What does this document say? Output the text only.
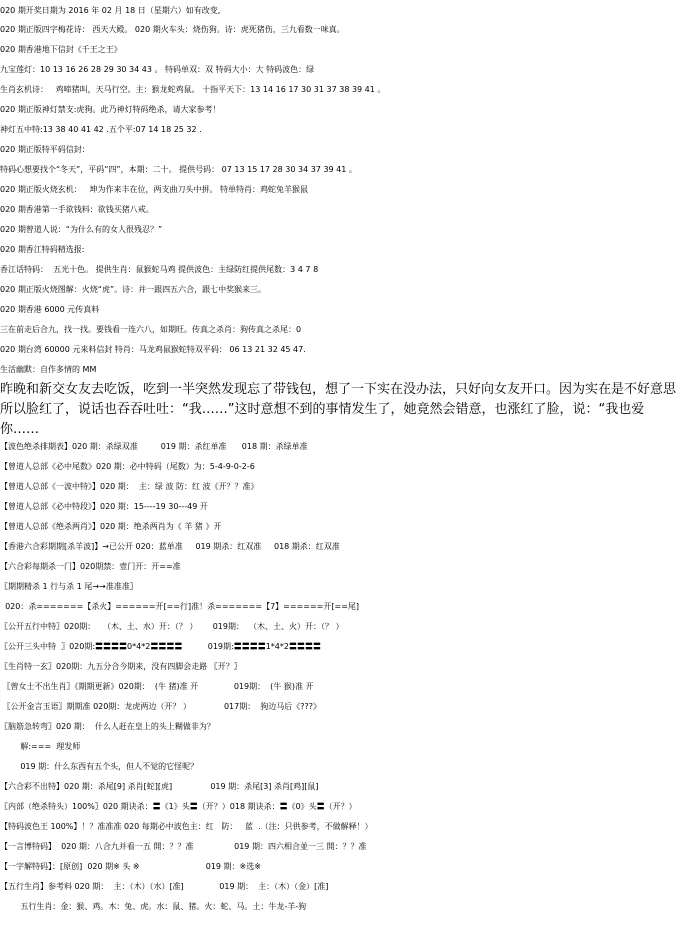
020 期开奖日期为 2016 年 02 月 18 日（星期六）如有改变,
020 期正版四字梅花诗： 西天大殿。 020 期火车头：烧伤狗。诗：虎死猪伤，三九看数一味真。
020 期香港地下信封《千王之王》
九宝莲灯：10 13 16 26 28 29 30 34 43 。 特码单双：双 特码大小：大 特码波色：绿
生肖玄机诗：   鸡啼猪叫，天马行空。主：猴龙蛇鸡鼠。 十指平天下：13 14 16 17 30 31 37 38 39 41 。
020 期正版神灯禁支:虎狗。此乃神灯特码绝杀，请大家参考！
神灯五中特:13 38 40 41 42 .五个平:07 14 18 25 32 .
020 期正版特平码信封：
特码心想要找个“冬天”，平码“四”，本期：二十。 提供号码： 07 13 15 17 28 30 34 37 39 41 。
020 期正版火烧玄机：   坤为作来丰在位，两支曲刀头中拼。 特单特肖：鸡蛇兔羊猴鼠
020 期香港第一手欲钱料：欲钱买猪八戒。
020 期曾道人说：“为什么有的女人很残忍？”
020 期香江特码精选报:
香江话特码：  五光十色。 提供生肖：鼠猴蛇马鸡 提供波色：主绿防红提供尾数：3 4 7 8
020 期正版火烧图解：火烧“虎”。诗：并一跟四五六合，跟七中奖猴来三。
020 期香港 6000 元传真料
三在前走后合九，找一找。要钱看一连六八，如期旺。传真之杀肖：狗传真之杀尾：0
020 期台湾 60000 元来料信封 特肖：马龙鸡鼠猴蛇特双平码： 06 13 21 32 45 47.
生活幽默：自作多情的 MM
昨晚和新交女友去吃饭，吃到一半突然发现忘了带钱包，想了一下实在没办法，只好向女友开口。因为实在是不好意思所以脸红了，说话也吞吞吐吐：“我……”这时意想不到的事情发生了，她竟然会错意，也涨红了脸，说：“我也爱你……
【波色绝杀排期表】020 期：杀绿双准         019 期：杀红单准      018 期：杀绿单准
【曾道人总部《必中尾数》020 期：必中特码（尾数）为：5-4-9-0-2-6
【曾道人总部《一波中特》】020 期：  主：绿 波 防：红 波《开？？准》
【曾道人总部《必中特段》】020 期：15----19 30---49 开
【曾道人总部《绝杀两肖》】020 期：绝杀两肖为《 羊 猪 》开
【香港六合彩期期[杀羊波]】→已公开 020：蓝单准     019 期杀：红双准     018 期杀：红双准
【六合彩每期杀一门】020期禁：壹门开：开==准
〖期期精杀 1 行与杀 1 尾→→准准准〗
020：杀=======【杀火】======开[==行]准！杀=======【7】======开[==尾]
〖公开五行中特〗020期：   （木、土、水）开：（？ ）      019期：  （木、土、火）开：（？ ）
〖公开三头中特  〗020期:〓〓〓〓0*4*2〓〓〓〓          019期:〓〓〓〓1*4*2〓〓〓〓
〖生肖特一玄〗020期：九五分合今期来，没有四脚会走路 〖开？〗
〖曾女士不出生肖〗《期期更新》020期：  (牛 猪)准 开              019期：  (牛 猴)准 开
〖公开金言玉语〗期期准 020期：龙虎两边（开？ ）             017期：  狗边马后《???》
〖脑筋急转弯〗020 期：  什么人赶在皇上的头上糊做非为？
解:===  理发师
019 期：什么东西有五个头，但人不觉的它怪呢？
【六合彩不出特】020 期：杀尾[9] 杀肖[蛇][虎]               019 期：杀尾[3] 杀肖[鸡][鼠]
〖内部（绝杀特头）100%〗020 期诀杀：〓《1》头〓（开？）018 期诀杀：〓《0》头〓（开？）
【特码波色王 100%】！？准准准 020 每期必中波色主：红   防：   蓝  .（注：只供参考，不做解释！）
【一言博特码】  020 期：八合九并看一五 開：？？准                019 期：四六相合並一三 開：？？准
【一字解特码】：[原创]  020 期※ 头 ※                          019 期：※选※
【五行生肖】参考料 020 期：  主：（木）（水）[准]              019 期：  主：（木）（金）[准]
五行生肖：金：猴、鸡。木：兔、虎。水：鼠、猪。火：蛇、马。土：牛龙-羊-狗
